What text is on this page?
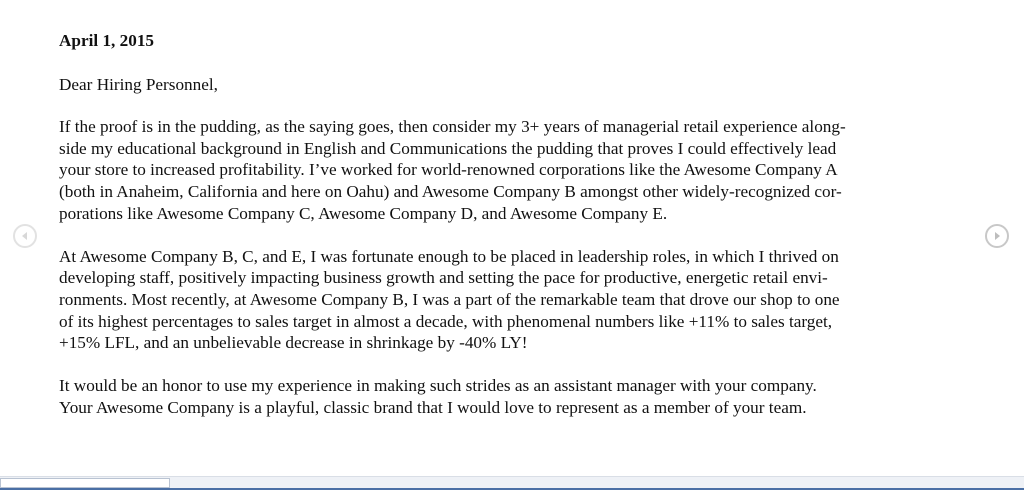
April 1, 2015
Dear Hiring Personnel,
If the proof is in the pudding, as the saying goes, then consider my 3+ years of managerial retail experience along-
side my educational background in English and Communications the pudding that proves I could effectively lead
your store to increased profitability. I’ve worked for world-renowned corporations like the Awesome Company A
(both in Anaheim, California and here on Oahu) and Awesome Company B amongst other widely-recognized cor-
porations like Awesome Company C, Awesome Company D, and Awesome Company E.
At Awesome Company B, C, and E, I was fortunate enough to be placed in leadership roles, in which I thrived on
developing staff, positively impacting business growth and setting the pace for productive, energetic retail envi-
ronments. Most recently, at Awesome Company B, I was a part of the remarkable team that drove our shop to one
of its highest percentages to sales target in almost a decade, with phenomenal numbers like +11% to sales target,
+15% LFL, and an unbelievable decrease in shrinkage by -40% LY!
It would be an honor to use my experience in making such strides as an assistant manager with your company.
Your Awesome Company is a playful, classic brand that I would love to represent as a member of your team.
